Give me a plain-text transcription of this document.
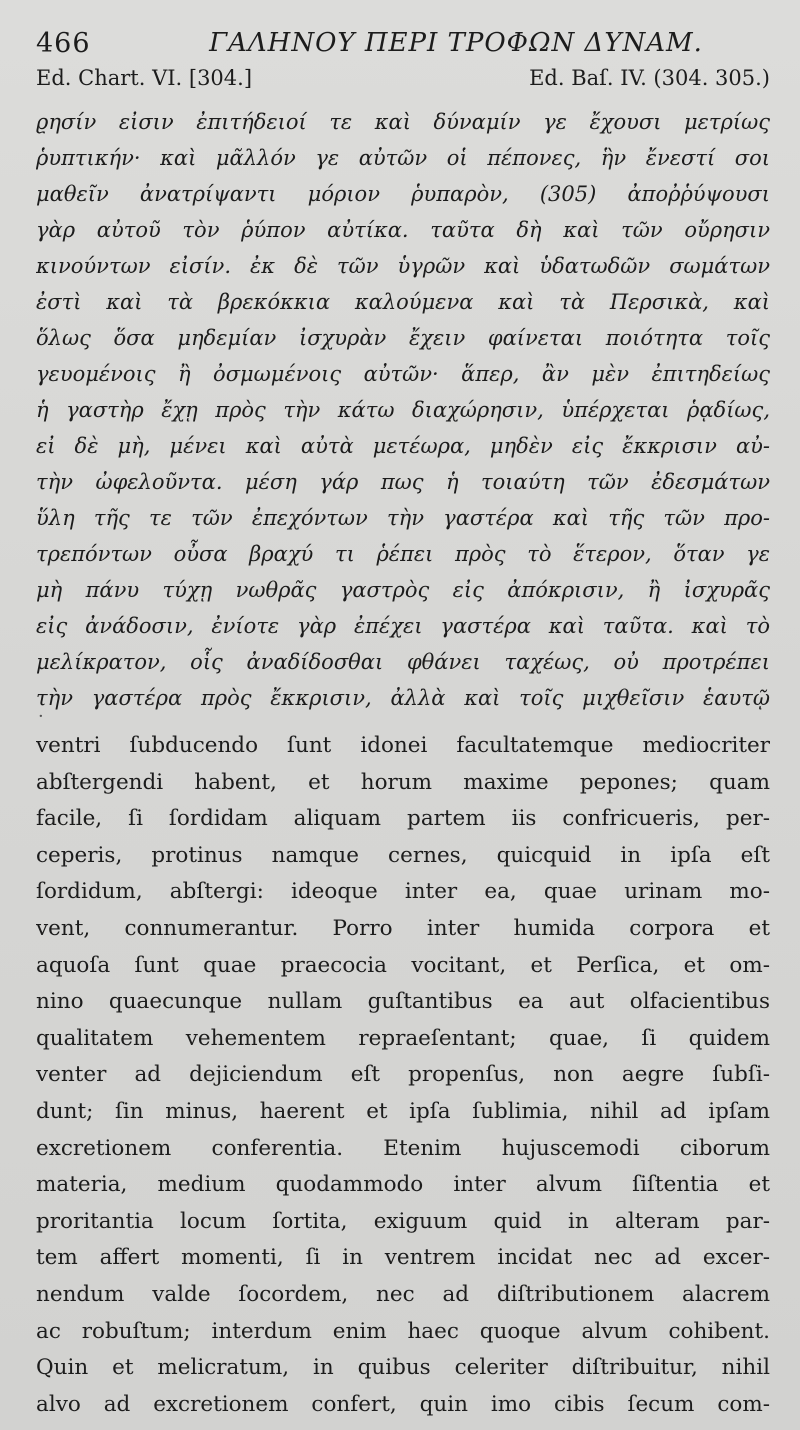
466	ΓΑΛΗΝΟΥ ΠΕΡΙ ΤΡΟΦΩΝ ΔΥΝΑΜ.
Ed. Chart. VI. [304.]	Ed. Baſ. IV. (304. 305.)
ϱησίν εἰσιν ἐπιτήδειοί τε καὶ δύναμίν γε ἔχουσι μετρίως
ῥυπτικήν· καὶ μᾶλλόν γε αὐτῶν οἱ πέπονες, ἣν ἔνεστί σοι
μαθεῖν ἀνατρίψαντι μόριον ῥυπαρὸν, (305) ἀποῤῥύψουσι
γὰρ αὐτοῦ τὸν ῥύπον αὐτίκα. ταῦτα δὴ καὶ τῶν οὔρησιν
κινούντων εἰσίν. ἐκ δὲ τῶν ὑγρῶν καὶ ὑδατωδῶν σωμάτων
ἐστὶ καὶ τὰ βρεκόκκια καλούμενα καὶ τὰ Περσικὰ, καὶ
ὅλως ὅσα μηδεμίαν ἰσχυρὰν ἔχειν φαίνεται ποιότητα τοῖς
γευομένοις ἢ ὀσμωμένοις αὐτῶν· ἅπερ, ἂν μὲν ἐπιτηδείως
ἡ γαστὴρ ἔχῃ πρὸς τὴν κάτω διαχώρησιν, ὑπέρχεται ῥᾳδίως,
εἰ δὲ μὴ, μένει καὶ αὐτὰ μετέωρα, μηδὲν εἰς ἔκκρισιν αὐ-
τὴν ὠφελοῦντα. μέση γάρ πως ἡ τοιαύτη τῶν ἐδεσμάτων
ὕλη τῆς τε τῶν ἐπεχόντων τὴν γαστέρα καὶ τῆς τῶν προ-
τρεπόντων οὖσα βραχύ τι ῥέπει πρὸς τὸ ἕτερον, ὅταν γε
μὴ πάνυ τύχῃ νωθρᾶς γαστρὸς εἰς ἀπόκρισιν, ἢ ἰσχυρᾶς
εἰς ἀνάδοσιν, ἐνίοτε γὰρ ἐπέχει γαστέρα καὶ ταῦτα. καὶ τὸ
μελίκρατον, οἷς ἀναδίδοσθαι φθάνει ταχέως, οὐ προτρέπει
τὴν γαστέρα πρὸς ἔκκρισιν, ἀλλὰ καὶ τοῖς μιχθεῖσιν ἑαυτῷ
·
ventri ſubducendo ſunt idonei facultatemque mediocriter
abſtergendi habent, et horum maxime pepones; quam
facile, ſi ſordidam aliquam partem iis confricueris, per-
ceperis, protinus namque cernes, quicquid in ipſa eſt
ſordidum, abſtergi: ideoque inter ea, quae urinam mo-
vent, connumerantur. Porro inter humida corpora et
aquoſa ſunt quae praecocia vocitant, et Perſica, et om-
nino quaecunque nullam guſtantibus ea aut olfacientibus
qualitatem vehementem repraeſentant; quae, ſi quidem
venter ad dejiciendum eſt propenſus, non aegre ſubſi-
dunt; ſin minus, haerent et ipſa ſublimia, nihil ad ipſam
excretionem conferentia. Etenim hujuscemodi ciborum
materia, medium quodammodo inter alvum ſiſtentia et
proritantia locum ſortita, exiguum quid in alteram par-
tem affert momenti, ſi in ventrem incidat nec ad excer-
nendum valde ſocordem, nec ad diſtributionem alacrem
ac robuſtum; interdum enim haec quoque alvum cohibent.
Quin et melicratum, in quibus celeriter diſtribuitur, nihil
alvo ad excretionem confert, quin imo cibis ſecum com-
